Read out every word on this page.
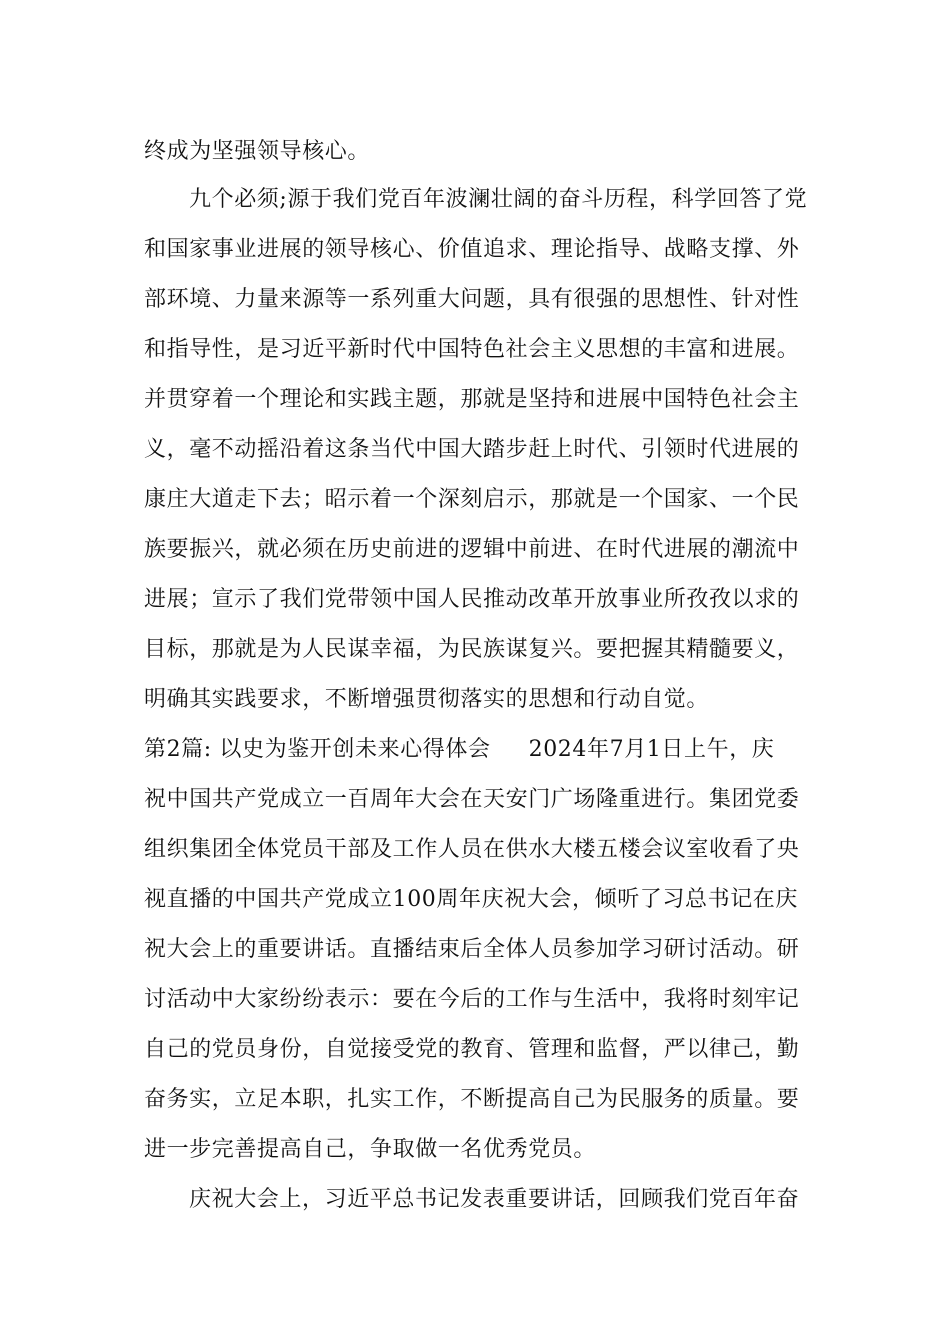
终成为坚强领导核心。
九个必须;源于我们党百年波澜壮阔的奋斗历程，科学回答了党
和国家事业进展的领导核心、价值追求、理论指导、战略支撑、外
部环境、力量来源等一系列重大问题，具有很强的思想性、针对性
和指导性，是习近平新时代中国特色社会主义思想的丰富和进展。
并贯穿着一个理论和实践主题，那就是坚持和进展中国特色社会主
义，毫不动摇沿着这条当代中国大踏步赶上时代、引领时代进展的
康庄大道走下去；昭示着一个深刻启示，那就是一个国家、一个民
族要振兴，就必须在历史前进的逻辑中前进、在时代进展的潮流中
进展；宣示了我们党带领中国人民推动改革开放事业所孜孜以求的
目标，那就是为人民谋幸福，为民族谋复兴。要把握其精髓要义，
明确其实践要求，不断增强贯彻落实的思想和行动自觉。
第2篇: 以史为鉴开创未来心得体会 2024年7月1日上午，庆
祝中国共产党成立一百周年大会在天安门广场隆重进行。集团党委
组织集团全体党员干部及工作人员在供水大楼五楼会议室收看了央
视直播的中国共产党成立100周年庆祝大会，倾听了习总书记在庆
祝大会上的重要讲话。直播结束后全体人员参加学习研讨活动。研
讨活动中大家纷纷表示：要在今后的工作与生活中，我将时刻牢记
自己的党员身份，自觉接受党的教育、管理和监督，严以律己，勤
奋务实，立足本职，扎实工作，不断提高自己为民服务的质量。要
进一步完善提高自己，争取做一名优秀党员。
庆祝大会上，习近平总书记发表重要讲话，回顾我们党百年奋
